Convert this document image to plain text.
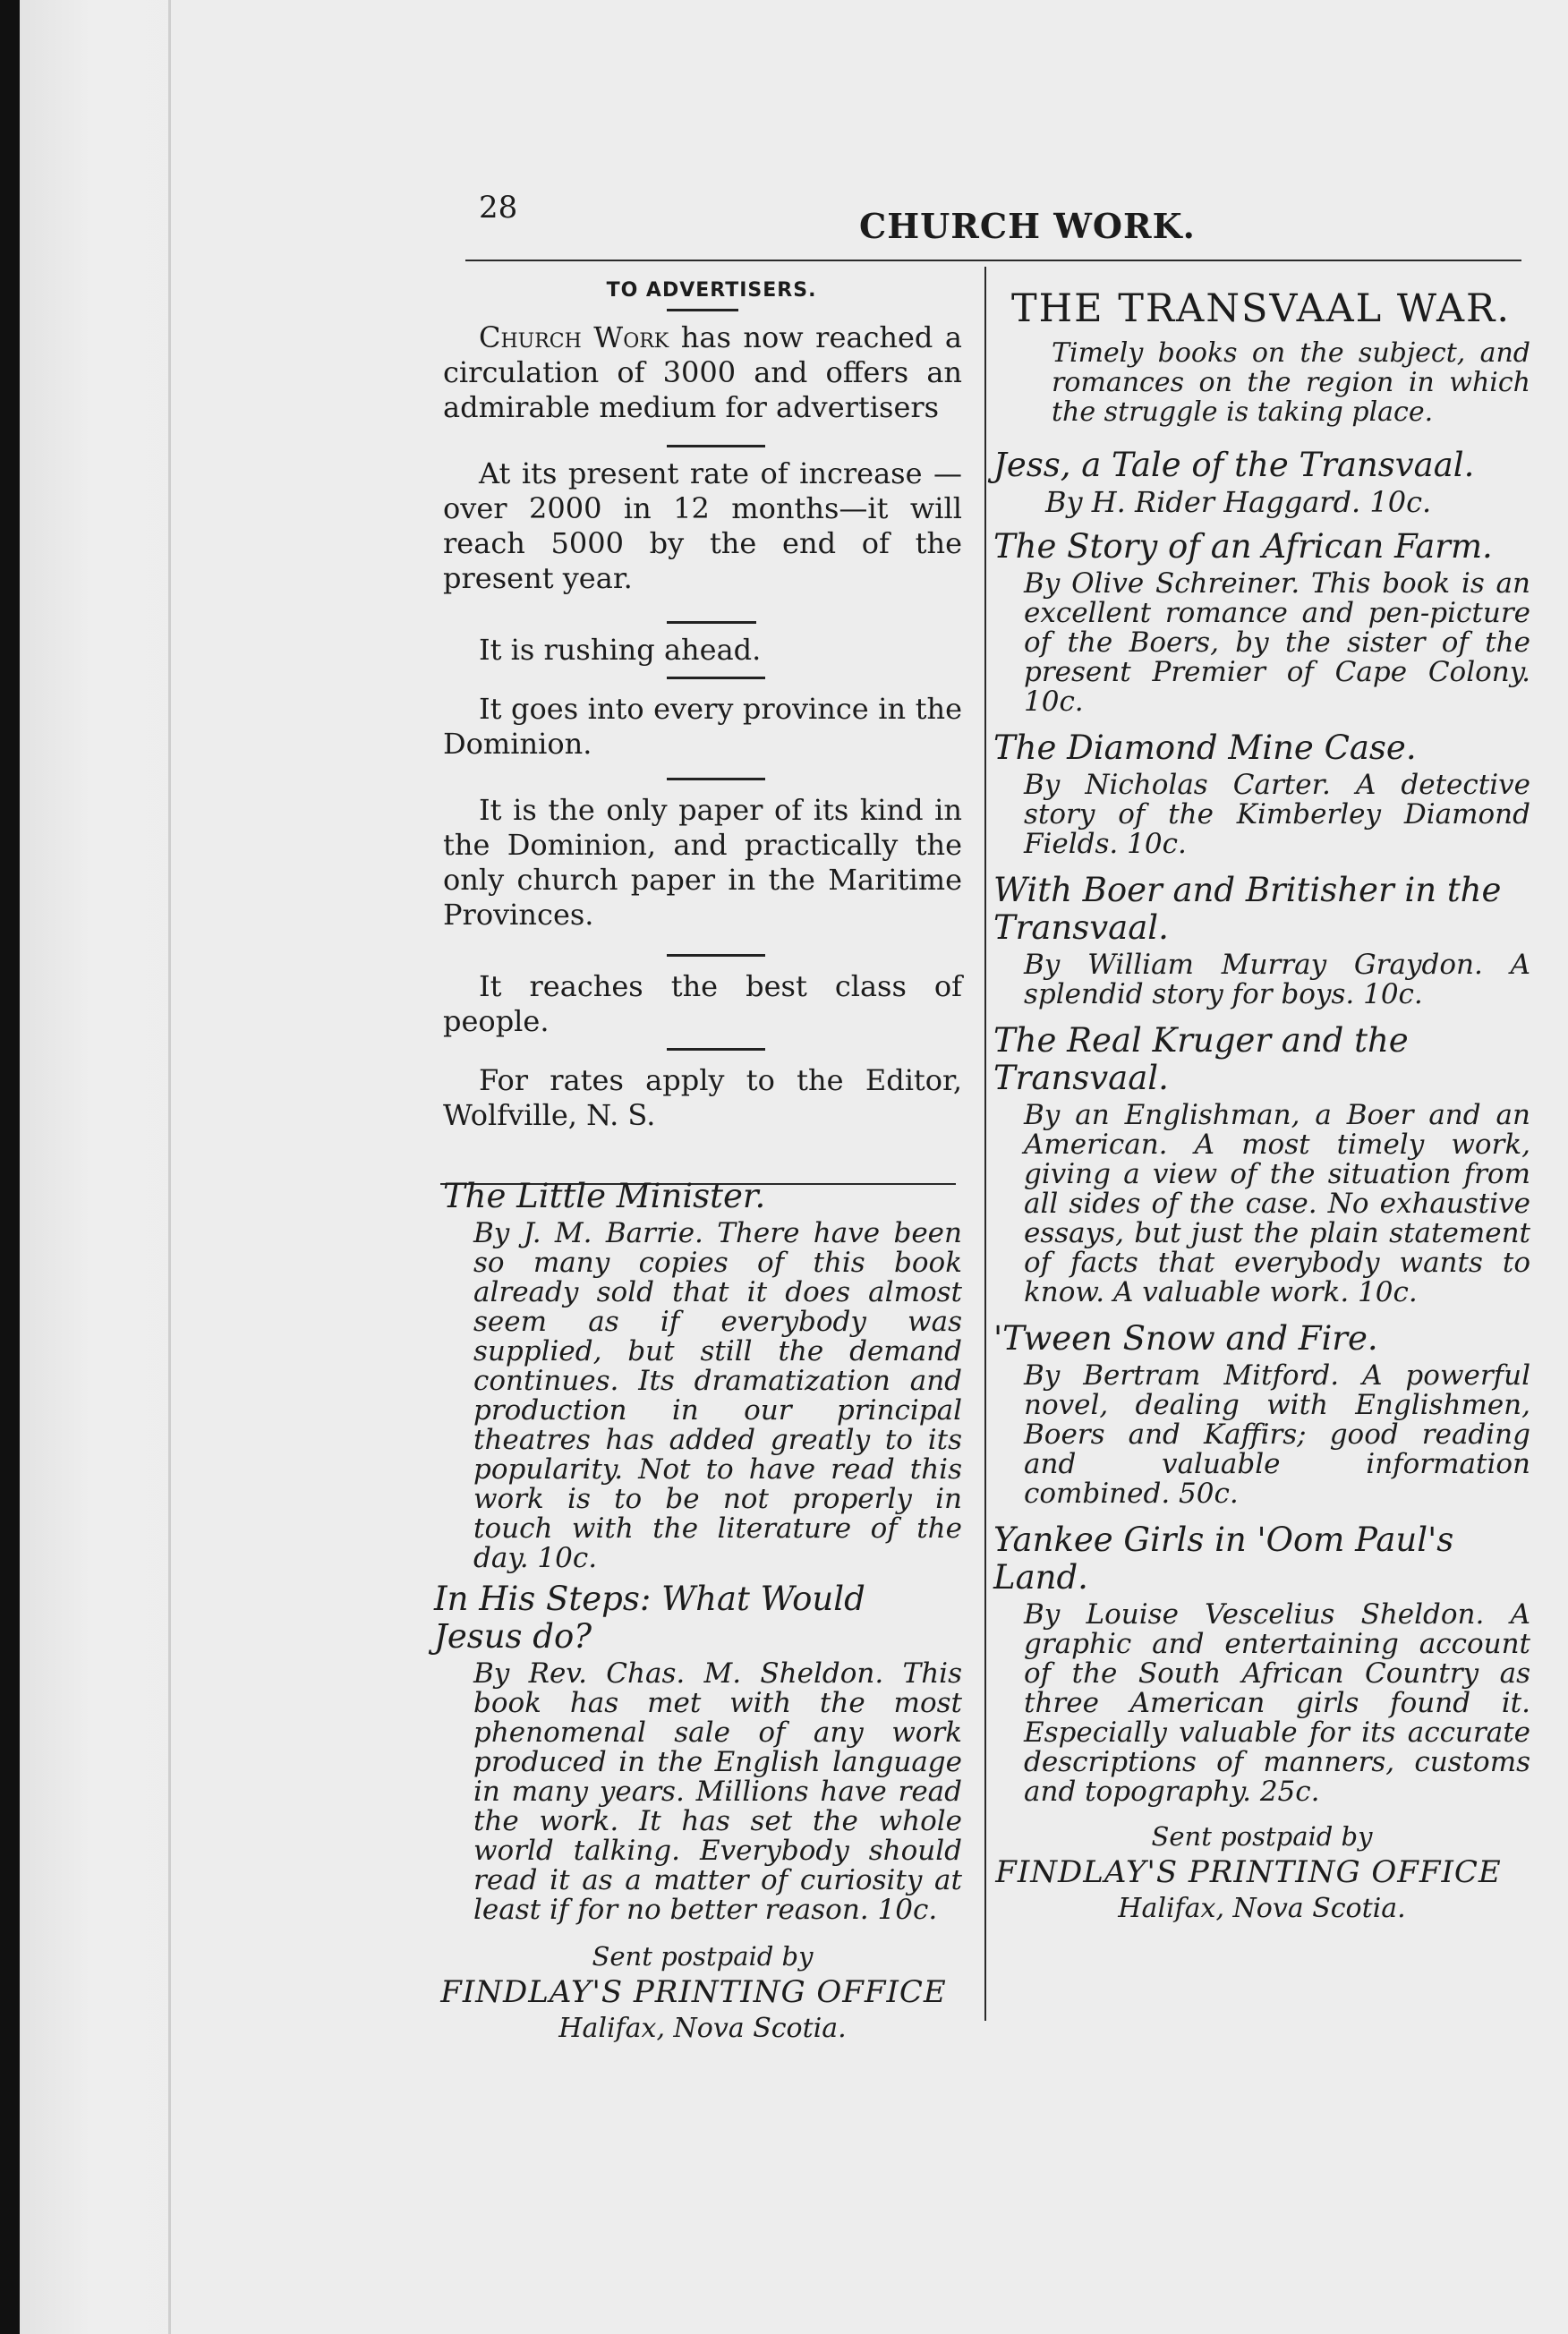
28	CHURCH WORK.
TO ADVERTISERS.

Church Work has now reached a circulation of 3000 and offers an admirable medium for advertisers

At its present rate of increase —over 2000 in 12 months—it will reach 5000 by the end of the present year.

It is rushing ahead.

It goes into every province in the Dominion.

It is the only paper of its kind in the Dominion, and practically the only church paper in the Maritime Provinces.

It reaches the best class of people.

For rates apply to the Editor, Wolfville, N. S.

The Little Minister.

By J. M. Barrie. There have been so many copies of this book already sold that it does almost seem as if everybody was supplied, but still the demand continues. Its dramatization and production in our principal theatres has added greatly to its popularity. Not to have read this work is to be not properly in touch with the literature of the day. 10c.

In His Steps: What Would Jesus do?

By Rev. Chas. M. Sheldon. This book has met with the most phenomenal sale of any work produced in the English language in many years. Millions have read the work. It has set the whole world talking. Everybody should read it as a matter of curiosity at least if for no better reason. 10c.

Sent postpaid by
FINDLAY'S PRINTING OFFICE
Halifax, Nova Scotia.
THE TRANSVAAL WAR.

Timely books on the subject, and romances on the region in which the struggle is taking place.

Jess, a Tale of the Transvaal.

By H. Rider Haggard. 10c.

The Story of an African Farm.

By Olive Schreiner. This book is an excellent romance and pen-picture of the Boers, by the sister of the present Premier of Cape Colony. 10c.

The Diamond Mine Case.

By Nicholas Carter. A detective story of the Kimberley Diamond Fields. 10c.

With Boer and Britisher in the Transvaal.

By William Murray Graydon. A splendid story for boys. 10c.

The Real Kruger and the Transvaal.

By an Englishman, a Boer and an American. A most timely work, giving a view of the situation from all sides of the case. No exhaustive essays, but just the plain statement of facts that everybody wants to know. A valuable work. 10c.

'Tween Snow and Fire.

By Bertram Mitford. A powerful novel, dealing with Englishmen, Boers and Kaffirs; good reading and valuable information combined. 50c.

Yankee Girls in 'Oom Paul's Land.

By Louise Vescelius Sheldon. A graphic and entertaining account of the South African Country as three American girls found it. Especially valuable for its accurate descriptions of manners, customs and topography. 25c.

Sent postpaid by
FINDLAY'S PRINTING OFFICE
Halifax, Nova Scotia.
